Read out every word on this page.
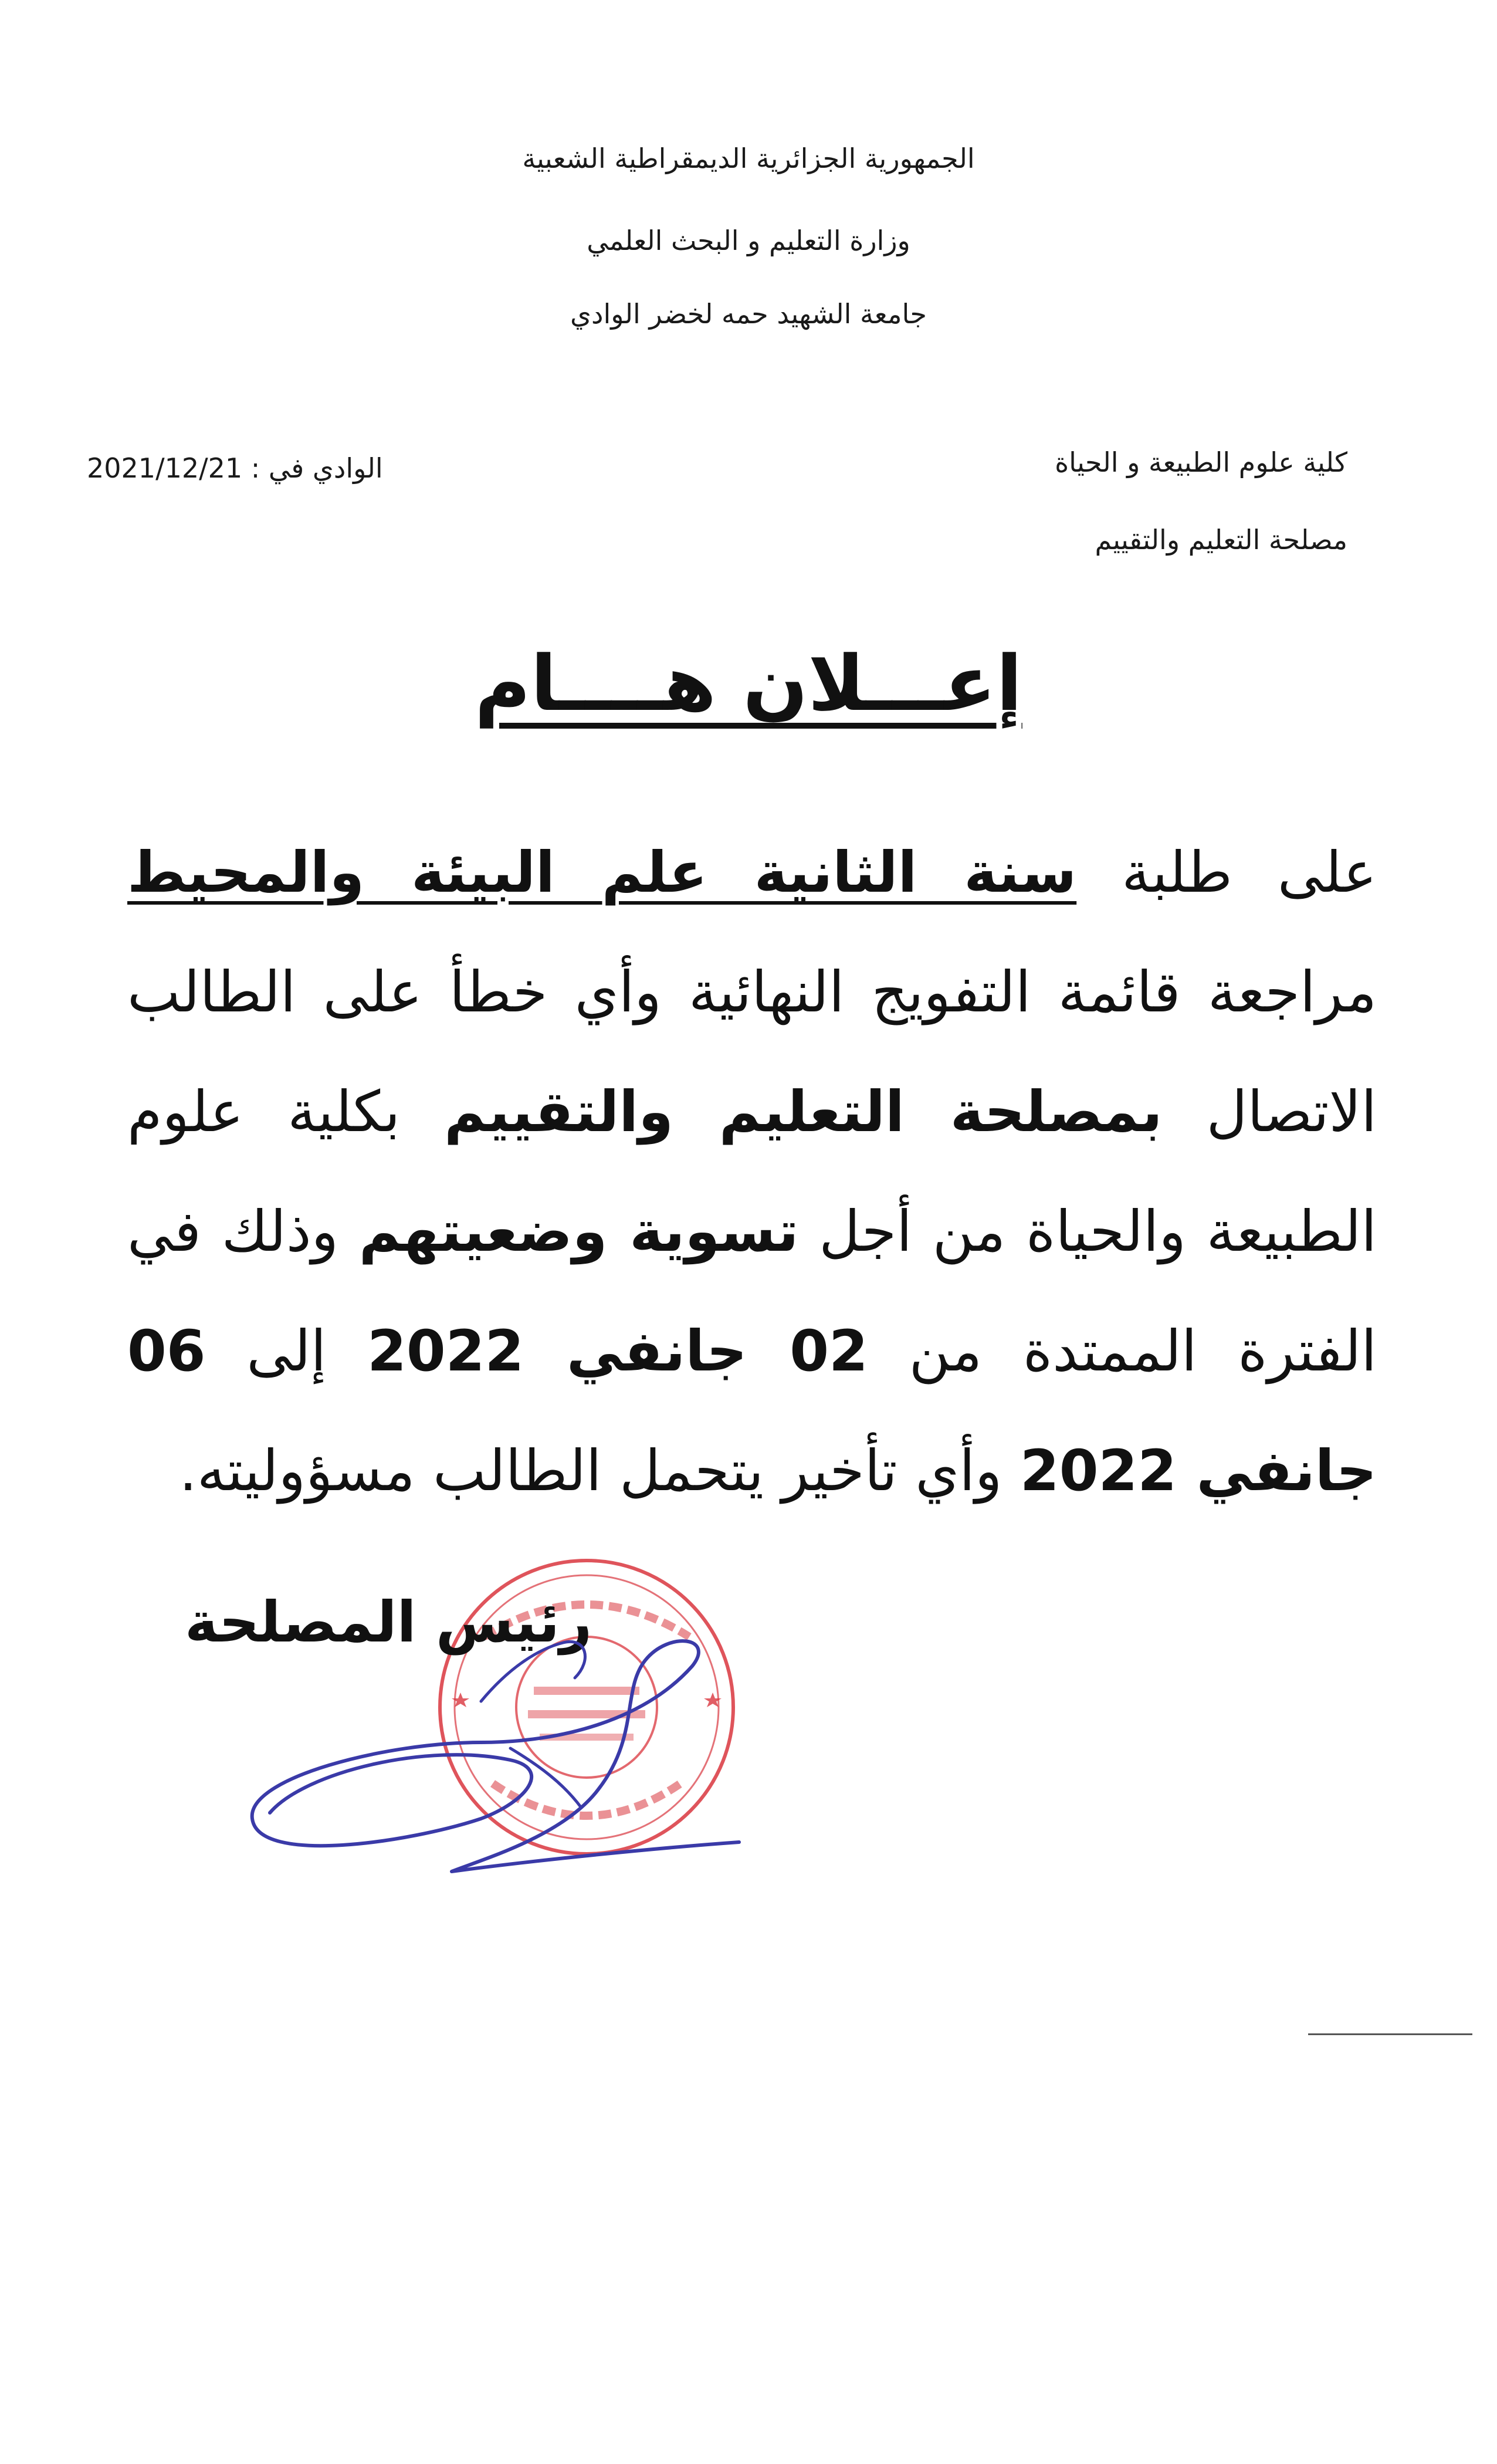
الجمهورية الجزائرية الديمقراطية الشعبية
وزارة التعليم و البحث العلمي
جامعة الشهيد حمه لخضر الوادي
كلية علوم الطبيعة و الحياة
مصلحة التعليم والتقييم
الوادي في : 2021/12/21
إعـــلان هــــام

على طلبة سنة الثانية علم البيئة والمحيط مراجعة قائمة التفويج النهائية وأي خطأ على الطالب الاتصال بمصلحة التعليم والتقييم بكلية علوم الطبيعة والحياة من أجل تسوية وضعيتهم وذلك في الفترة الممتدة من 02 جانفي 2022 إلى 06 جانفي 2022 وأي تأخير يتحمل الطالب مسؤوليته.

رئيس المصلحة
